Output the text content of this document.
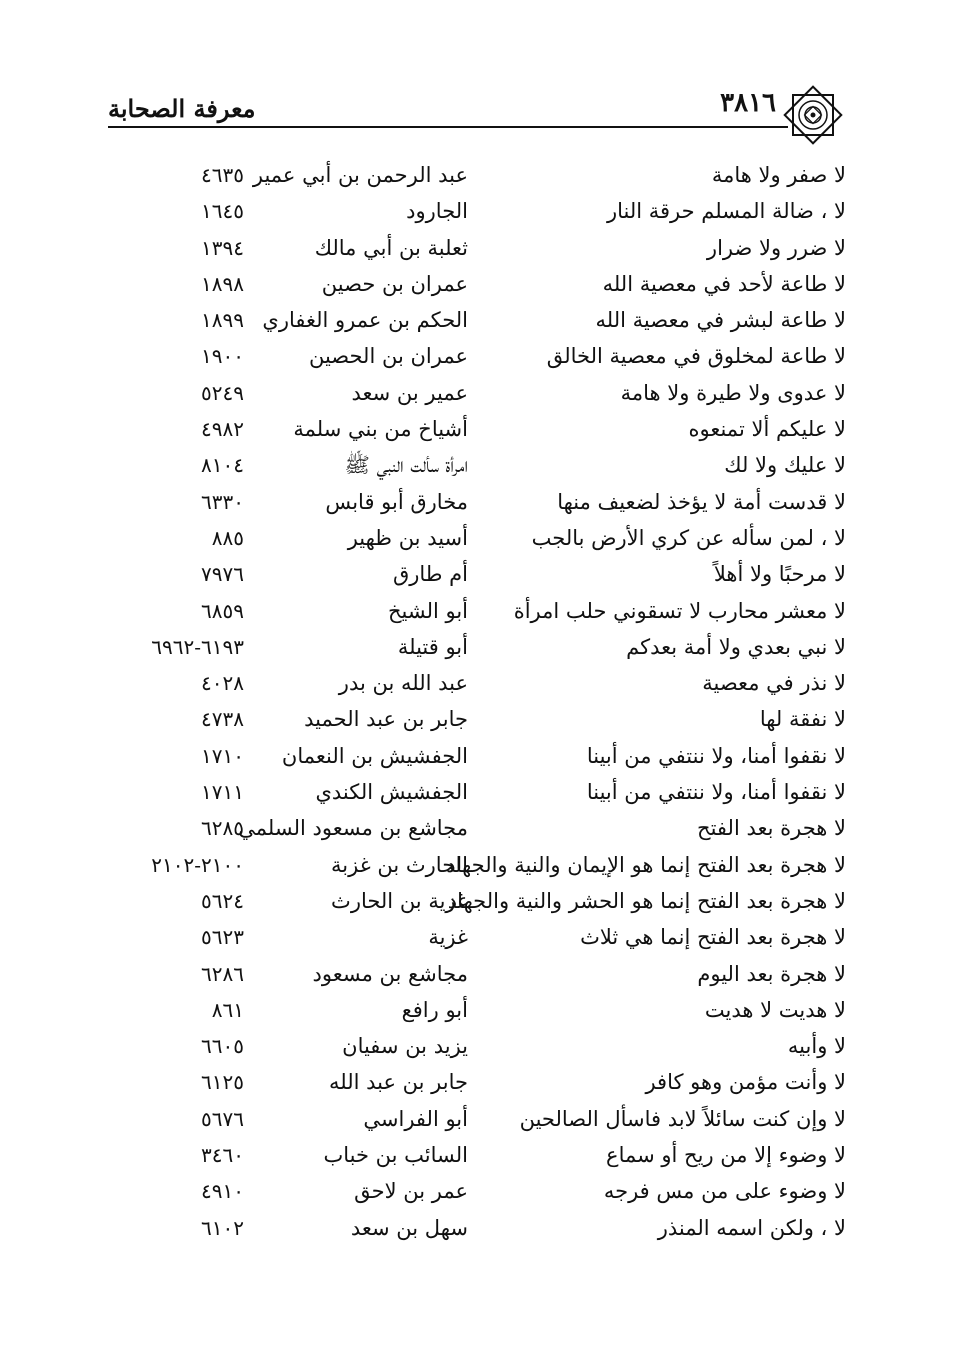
٣٨١٦
معرفة الصحابة
لا صفر ولا هامة
عبد الرحمن بن أبي عمير
٤٦٣٥
لا ، ضالة المسلم حرقة النار
الجارود
١٦٤٥
لا ضرر ولا ضرار
ثعلبة بن أبي مالك
١٣٩٤
لا طاعة لأحد في معصية الله
عمران بن حصين
١٨٩٨
لا طاعة لبشر في معصية الله
الحكم بن عمرو الغفاري
١٨٩٩
لا طاعة لمخلوق في معصية الخالق
عمران بن الحصين
١٩٠٠
لا عدوى ولا طيرة ولا هامة
عمير بن سعد
٥٢٤٩
لا عليكم ألا تمنعوه
أشياخ من بني سلمة
٤٩٨٢
لا عليك ولا لك
امرأة سألت النبي ﷺ
٨١٠٤
لا قدست أمة لا يؤخذ لضعيف منها
مخارق أبو قابس
٦٣٣٠
لا ، لمن سأله عن كري الأرض بالجب
أسيد بن ظهير
٨٨٥
لا مرحبًا ولا أهلاً
أم طارق
٧٩٧٦
لا معشر محارب لا تسقوني حلب امرأة
أبو الشيخ
٦٨٥٩
لا نبي بعدي ولا أمة بعدكم
أبو قتيلة
٦١٩٣-٦٩٦٢
لا نذر في معصية
عبد الله بن بدر
٤٠٢٨
لا نفقة لها
جابر بن عبد الحميد
٤٧٣٨
لا نقفوا أمنا، ولا ننتفي من أبينا
الجفشيش بن النعمان
١٧١٠
لا نقفوا أمنا، ولا ننتفي من أبينا
الجفشيش الكندي
١٧١١
لا هجرة بعد الفتح
مجاشع بن مسعود السلمي
٦٢٨٥
لا هجرة بعد الفتح إنما هو الإيمان والنية والجهاد
الحارث بن غزبة
٢١٠٠-٢١٠٢
لا هجرة بعد الفتح إنما هو الحشر والنية والجهاد
غزية بن الحارث
٥٦٢٤
لا هجرة بعد الفتح إنما هي ثلاث
غزية
٥٦٢٣
لا هجرة بعد اليوم
مجاشع بن مسعود
٦٢٨٦
لا هديت لا هديت
أبو رافع
٨٦١
لا وأبيه
يزيد بن سفيان
٦٦٠٥
لا وأنت مؤمن وهو كافر
جابر بن عبد الله
٦١٢٥
لا وإن كنت سائلاً لابد فاسأل الصالحين
أبو الفراسي
٥٦٧٦
لا وضوء إلا من ريح أو سماع
السائب بن خباب
٣٤٦٠
لا وضوء على من مس فرجه
عمر بن لاحق
٤٩١٠
لا ، ولكن اسمه المنذر
سهل بن سعد
٦١٠٢
